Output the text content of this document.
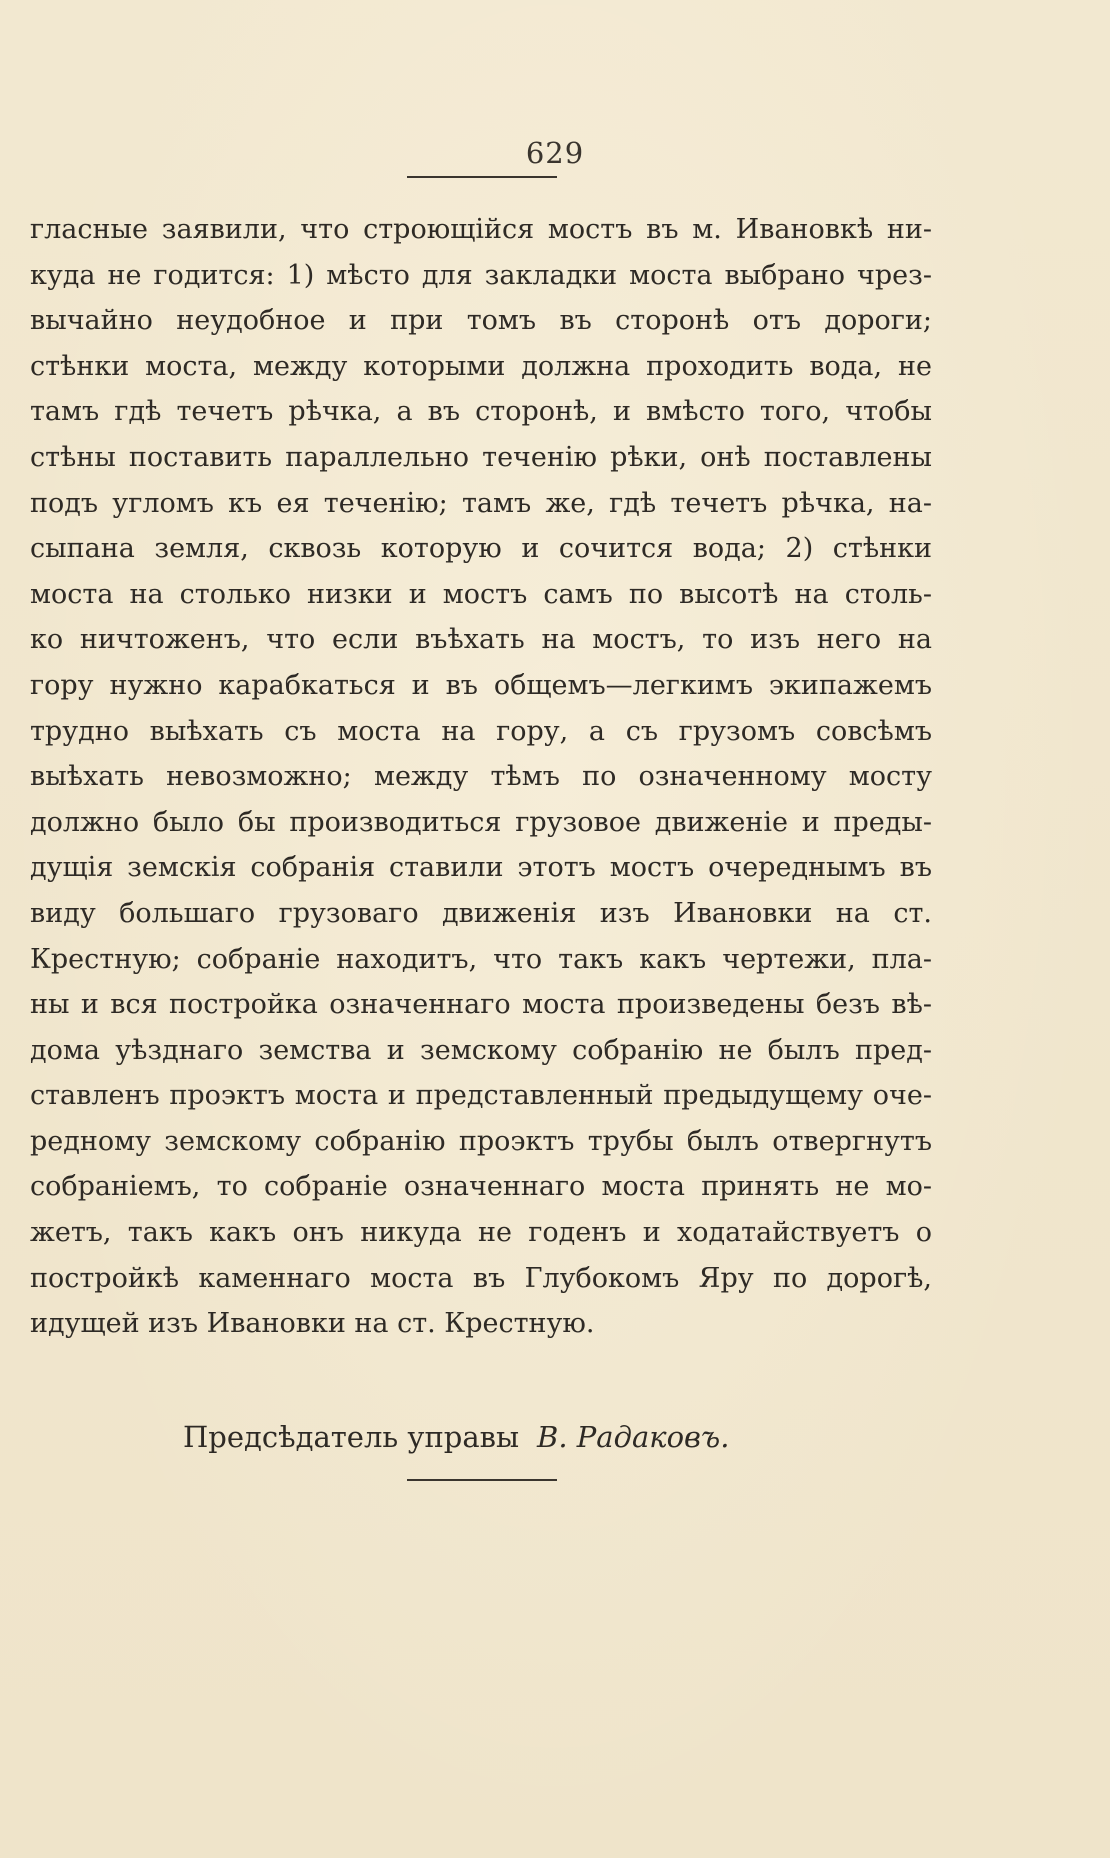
629
гласные заявили, что строющійся мостъ въ м. Ивановкѣ ни-
куда не годится: 1) мѣсто для закладки моста выбрано чрез-
вычайно неудобное и при томъ въ сторонѣ отъ дороги;
стѣнки моста, между которыми должна проходить вода, не
тамъ гдѣ течетъ рѣчка, а въ сторонѣ, и вмѣсто того, чтобы
стѣны поставить параллельно теченію рѣки, онѣ поставлены
подъ угломъ къ ея теченію; тамъ же, гдѣ течетъ рѣчка, на-
сыпана земля, сквозь которую и сочится вода; 2) стѣнки
моста на столько низки и мостъ самъ по высотѣ на столь-
ко ничтоженъ, что если въѣхать на мостъ, то изъ него на
гору нужно карабкаться и въ общемъ—легкимъ экипажемъ
трудно выѣхать съ моста на гору, а съ грузомъ совсѣмъ
выѣхать невозможно; между тѣмъ по означенному мосту
должно было бы производиться грузовое движеніе и преды-
дущія земскія собранія ставили этотъ мостъ очереднымъ въ
виду большаго грузоваго движенія изъ Ивановки на ст.
Крестную; собраніе находитъ, что такъ какъ чертежи, пла-
ны и вся постройка означеннаго моста произведены безъ вѣ-
дома уѣзднаго земства и земскому собранію не былъ пред-
ставленъ проэктъ моста и представленный предыдущему оче-
редному земскому собранію проэктъ трубы былъ отвергнутъ
собраніемъ, то собраніе означеннаго моста принять не мо-
жетъ, такъ какъ онъ никуда не годенъ и ходатайствуетъ о
постройкѣ каменнаго моста въ Глубокомъ Яру по дорогѣ,
идущей изъ Ивановки на ст. Крестную.
Предсѣдатель управы В. Радаковъ.
